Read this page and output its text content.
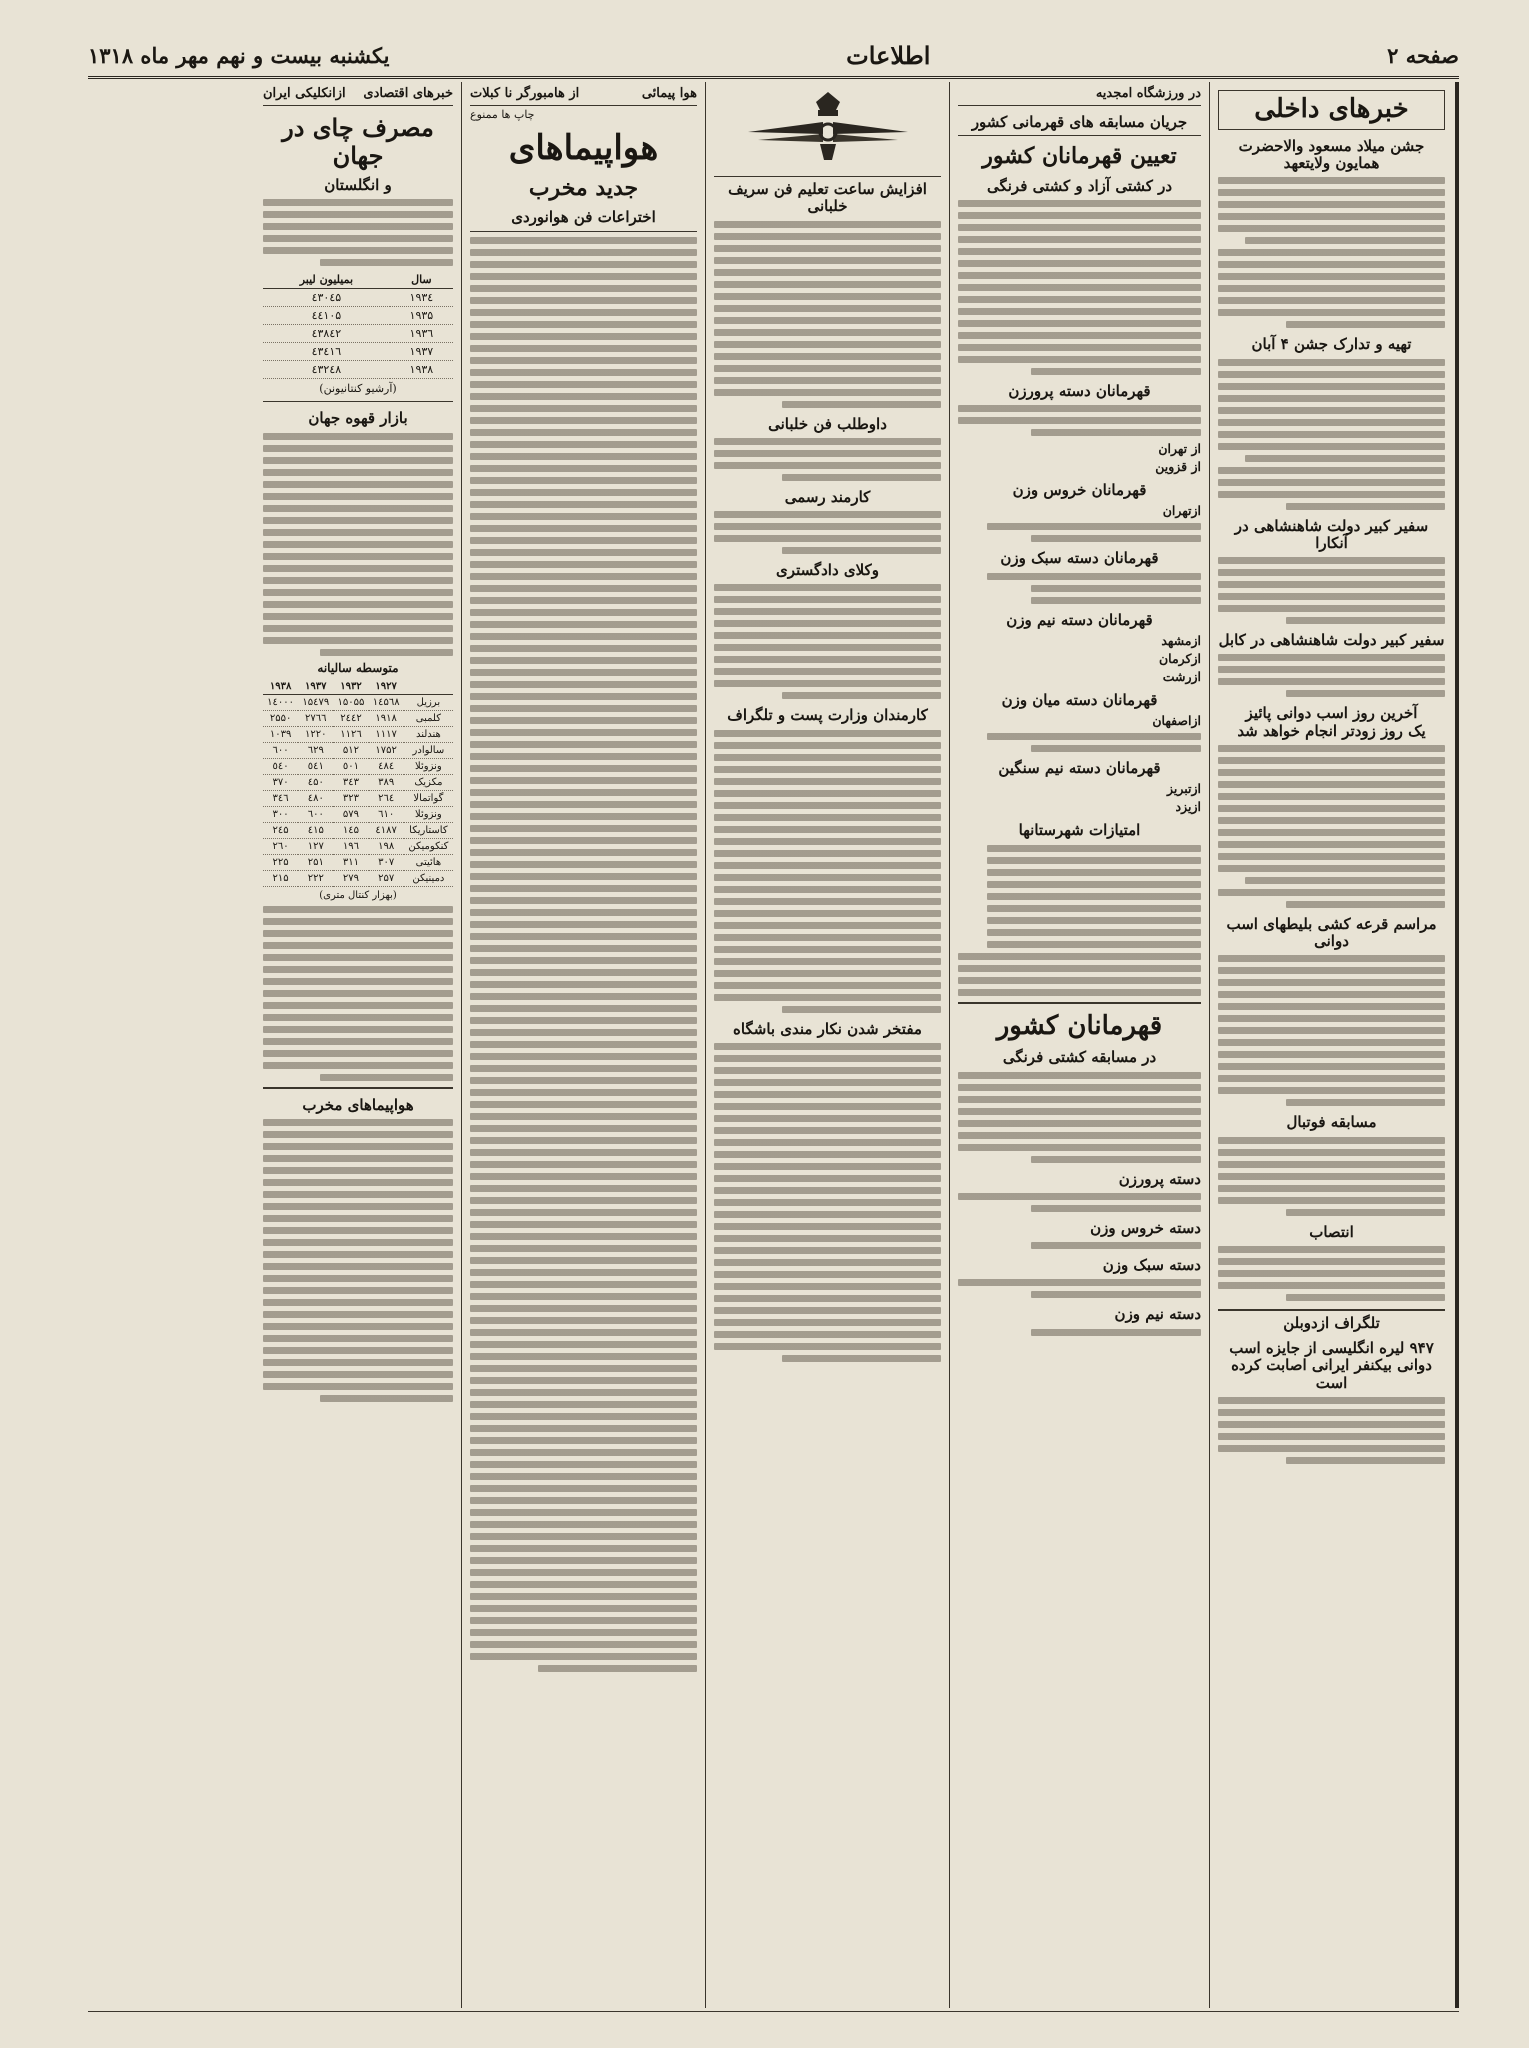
صفحه ۲
اطلاعات
یکشنبه بیست و نهم مهر ماه ۱۳۱۸
خبرهای داخلی
جشن میلاد مسعود والاحضرت همایون ولایتعهد
تهیه و تدارک جشن ۴ آبان
سفیر کبیر دولت شاهنشاهی در آنکارا
سفیر کبیر دولت شاهنشاهی در کابل
آخرین روز اسب دوانی پائیز
یک روز زودتر انجام خواهد شد
مراسم قرعه کشی بلیطهای اسب دوانی
مسابقه فوتبال
انتصاب
تلگراف ازدوبلن
۹۴۷ لیره انگلیسی از جایزه اسب دوانی بیکنفر ایرانی اصابت کرده است
در ورزشگاه امجدیه
جریان مسابقه های قهرمانی کشور
تعیین قهرمانان کشور
در کشتی آزاد و کشتی فرنگی
قهرمانان دسته پرورزن
از تهران
از قزوین
قهرمانان خروس وزن
ازتهران
قهرمانان دسته سبک وزن
قهرمانان دسته نیم وزن
ازمشهد
ازکرمان
ازرشت
قهرمانان دسته میان وزن
ازاصفهان
قهرمانان دسته نیم سنگین
ازتبریز
ازیزد
امتیازات شهرستانها
قهرمانان کشور
در مسابقه کشتی فرنگی
دسته پرورزن
دسته خروس وزن
دسته سبک وزن
دسته نیم وزن
افزایش ساعت تعلیم فن سریف خلبانی
داوطلب فن خلبانی
کارمند رسمی
وکلای دادگستری
کارمندان وزارت پست و تلگراف
مفتخر شدن نکار مندی باشگاه
هوا پیمائی
از هامبورگر نا کبلات
چاپ ها ممنوع
هواپیماهای
جدید مخرب
اختراعات فن هوانوردی
خبرهای اقتصادی
ازانکلیکی ایران
مصرف چای در جهان
و انگلستان
سال	بمیلیون لیبر
۱۹۳٤	٤۳۰٤۵
۱۹۳۵	٤٤۱۰۵
۱۹۳٦	٤۳۸٤۲
۱۹۳۷	٤۳٤۱٦
۱۹۳۸	٤۳۲٤۸
(آرشیو کنتانیونن)
بازار قهوه جهان
متوسطه سالیانه
	۱۹۲۷	۱۹۳۲	۱۹۳۷	۱۹۳۸
برزیل	۱٤۵٦۸	۱۵۰۵۵	۱۵٤۷۹	۱٤۰۰۰
کلمبی	۱۹۱۸	۲٤٤۲	۲۷٦٦	۲۵۵۰
هندلند	۱۱۱۷	۱۱۲٦	۱۲۲۰	۱۰۳۹
سالوادر	۱۷۵۲	۵۱۲	٦۲۹	٦۰۰
ونزوئلا	٤۸٤	٥۰۱	٥٤۱	٥٤۰
مکزیک	۳۸۹	۳٤۳	٤۵۰	۳۷۰
گواتمالا	۲٦٤	۳۲۳	٤۸۰	۳٤٦
ونزوئلا	٦۱۰	۵۷۹	٦۰۰	۳۰۰
کاستاریکا	٤۱۸۷	۱٤۵	٤۱۵	۲٤۵
کنکومیکن	۱۹۸	۱۹٦	۱۲۷	۲٦۰
هائیتی	۳۰۷	۳۱۱	۲۵۱	۲۲۵
دمینیکن	۲۵۷	۲۷۹	۲۲۲	۲۱۵
(بهزار کنتال متری)
هواپیماهای مخرب
